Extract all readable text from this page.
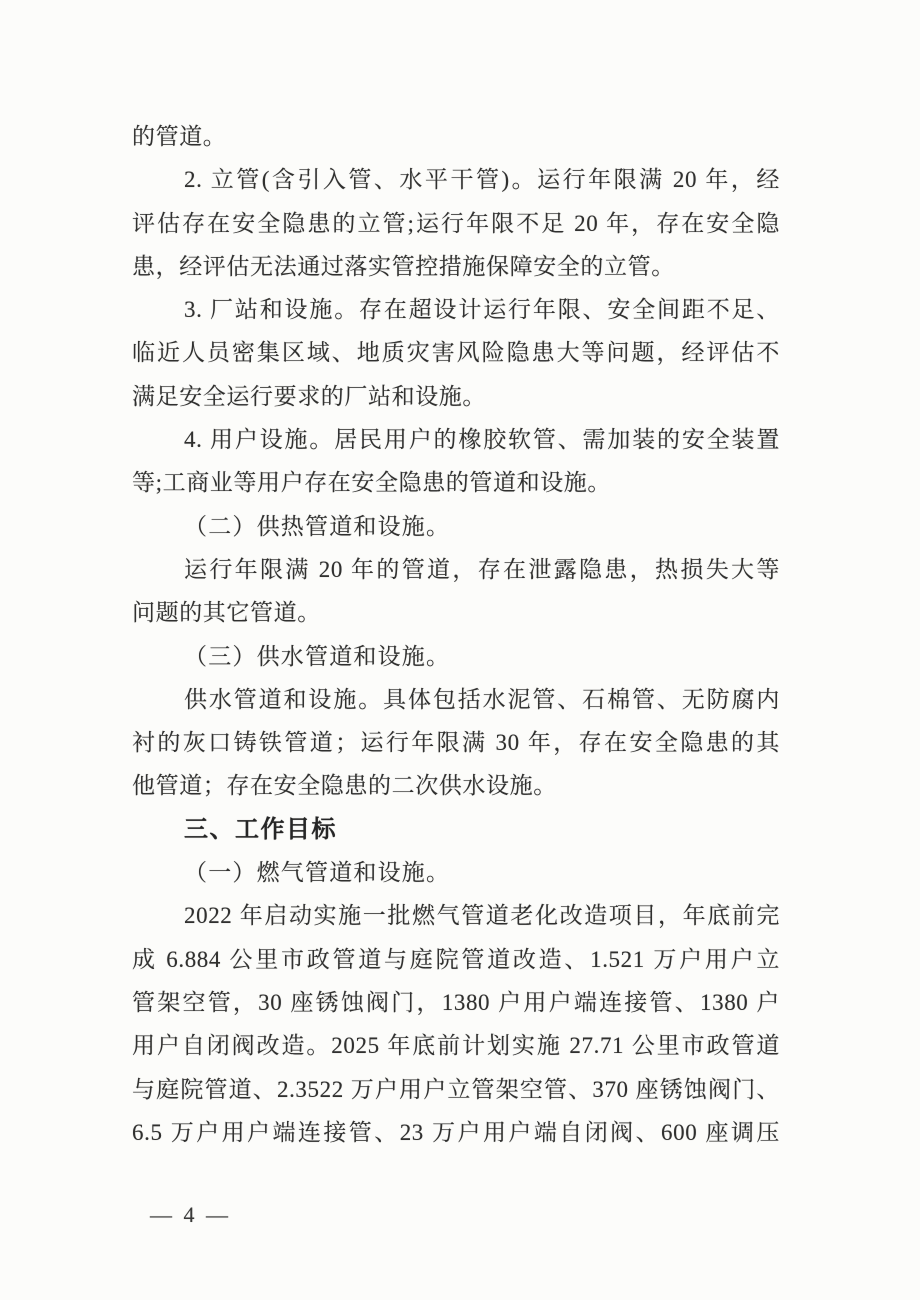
的管道。
2. 立管(含引入管、水平干管)。运行年限满 20 年，经
评估存在安全隐患的立管;运行年限不足 20 年，存在安全隐
患，经评估无法通过落实管控措施保障安全的立管。
3. 厂站和设施。存在超设计运行年限、安全间距不足、
临近人员密集区域、地质灾害风险隐患大等问题，经评估不
满足安全运行要求的厂站和设施。
4. 用户设施。居民用户的橡胶软管、需加装的安全装置
等;工商业等用户存在安全隐患的管道和设施。
（二）供热管道和设施。
运行年限满 20 年的管道，存在泄露隐患，热损失大等
问题的其它管道。
（三）供水管道和设施。
供水管道和设施。具体包括水泥管、石棉管、无防腐内
衬的灰口铸铁管道；运行年限满 30 年，存在安全隐患的其
他管道；存在安全隐患的二次供水设施。
三、工作目标
（一）燃气管道和设施。
2022 年启动实施一批燃气管道老化改造项目，年底前完
成 6.884 公里市政管道与庭院管道改造、1.521 万户用户立
管架空管，30 座锈蚀阀门，1380 户用户端连接管、1380 户
用户自闭阀改造。2025 年底前计划实施 27.71 公里市政管道
与庭院管道、2.3522 万户用户立管架空管、370 座锈蚀阀门、
6.5 万户用户端连接管、23 万户用户端自闭阀、600 座调压
— 4 —
